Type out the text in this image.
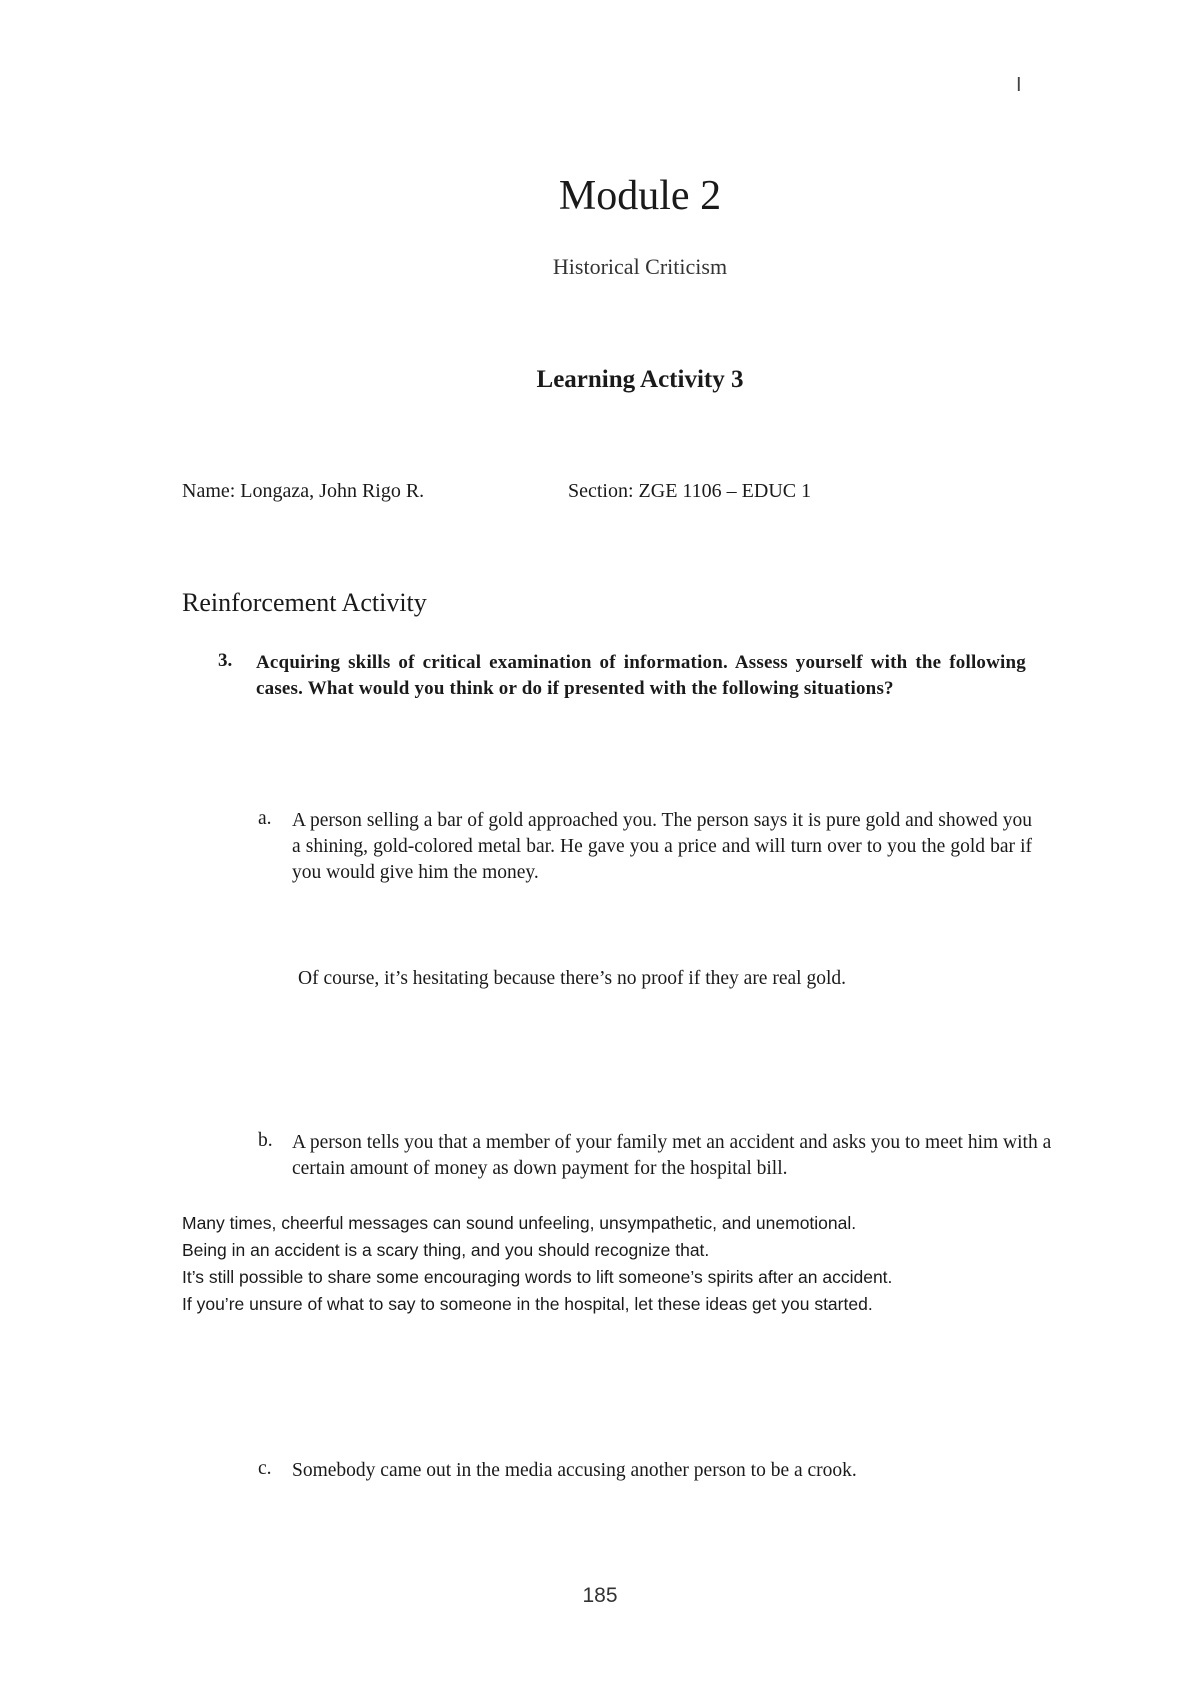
I
Module 2
Historical Criticism
Learning Activity 3
Name: Longaza, John Rigo R.	Section: ZGE 1106 – EDUC 1
Reinforcement Activity
3. Acquiring skills of critical examination of information. Assess yourself with the following cases. What would you think or do if presented with the following situations?
a. A person selling a bar of gold approached you. The person says it is pure gold and showed you a shining, gold-colored metal bar. He gave you a price and will turn over to you the gold bar if you would give him the money.
Of course, it’s hesitating because there’s no proof if they are real gold.
b. A person tells you that a member of your family met an accident and asks you to meet him with a certain amount of money as down payment for the hospital bill.
Many times, cheerful messages can sound unfeeling, unsympathetic, and unemotional.
Being in an accident is a scary thing, and you should recognize that.
It’s still possible to share some encouraging words to lift someone’s spirits after an accident.
If you’re unsure of what to say to someone in the hospital, let these ideas get you started.
c. Somebody came out in the media accusing another person to be a crook.
185
